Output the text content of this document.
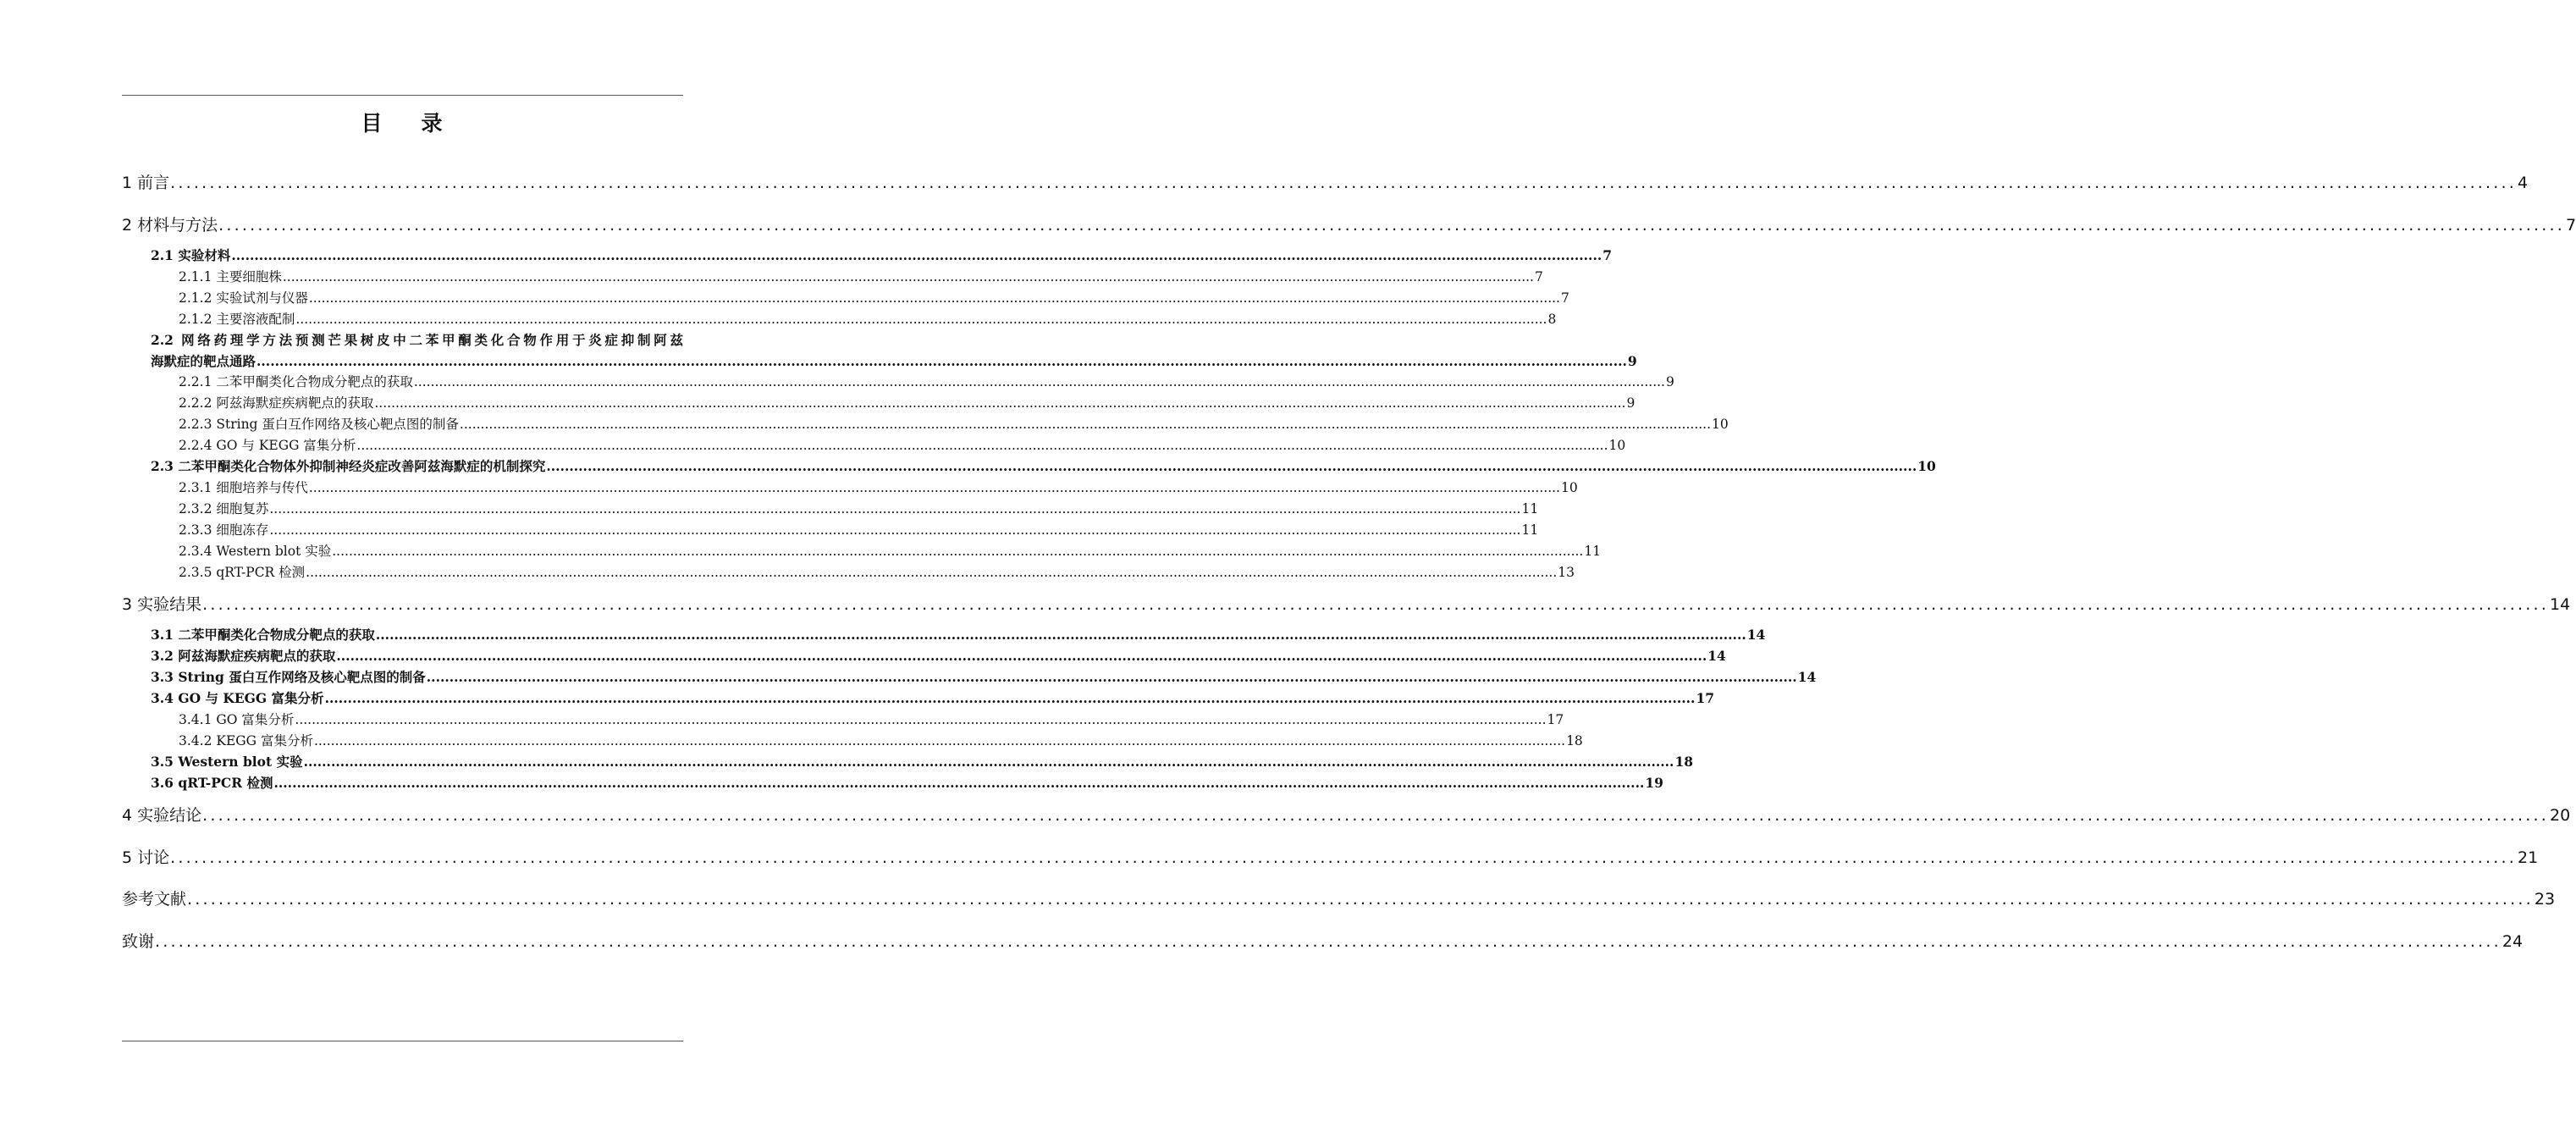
目 录
1 前言 ............................................................................................................................................................................................................................................................................................................ 4
2 材料与方法 ............................................................................................................................................................................................................................................................................................................ 7
2.1 实验材料 ............................................................................................................................................................................................................................................................................................................ 7
2.1.1 主要细胞株 ............................................................................................................................................................................................................................................................................................................ 7
2.1.2 实验试剂与仪器 ............................................................................................................................................................................................................................................................................................................ 7
2.1.2 主要溶液配制 ............................................................................................................................................................................................................................................................................................................ 8
2.2 网络药理学方法预测芒果树皮中二苯甲酮类化合物作用于炎症抑制阿兹
海默症的靶点通路 ............................................................................................................................................................................................................................................................................................................ 9
2.2.1 二苯甲酮类化合物成分靶点的获取 ............................................................................................................................................................................................................................................................................................................ 9
2.2.2 阿兹海默症疾病靶点的获取 ............................................................................................................................................................................................................................................................................................................ 9
2.2.3 String 蛋白互作网络及核心靶点图的制备 ............................................................................................................................................................................................................................................................................................................ 10
2.2.4 GO 与 KEGG 富集分析 ............................................................................................................................................................................................................................................................................................................ 10
2.3 二苯甲酮类化合物体外抑制神经炎症改善阿兹海默症的机制探究 ............................................................................................................................................................................................................................................................................................................ 10
2.3.1 细胞培养与传代 ............................................................................................................................................................................................................................................................................................................ 10
2.3.2 细胞复苏 ............................................................................................................................................................................................................................................................................................................ 11
2.3.3 细胞冻存 ............................................................................................................................................................................................................................................................................................................ 11
2.3.4 Western blot 实验 ............................................................................................................................................................................................................................................................................................................ 11
2.3.5 qRT-PCR 检测 ............................................................................................................................................................................................................................................................................................................ 13
3 实验结果 ............................................................................................................................................................................................................................................................................................................ 14
3.1 二苯甲酮类化合物成分靶点的获取 ............................................................................................................................................................................................................................................................................................................ 14
3.2 阿兹海默症疾病靶点的获取 ............................................................................................................................................................................................................................................................................................................ 14
3.3 String 蛋白互作网络及核心靶点图的制备 ............................................................................................................................................................................................................................................................................................................ 14
3.4 GO 与 KEGG 富集分析 ............................................................................................................................................................................................................................................................................................................ 17
3.4.1 GO 富集分析 ............................................................................................................................................................................................................................................................................................................ 17
3.4.2 KEGG 富集分析 ............................................................................................................................................................................................................................................................................................................ 18
3.5 Western blot 实验 ............................................................................................................................................................................................................................................................................................................ 18
3.6 qRT-PCR 检测 ............................................................................................................................................................................................................................................................................................................ 19
4 实验结论 ............................................................................................................................................................................................................................................................................................................ 20
5 讨论 ............................................................................................................................................................................................................................................................................................................ 21
参考文献 ............................................................................................................................................................................................................................................................................................................ 23
致谢 ............................................................................................................................................................................................................................................................................................................ 24
